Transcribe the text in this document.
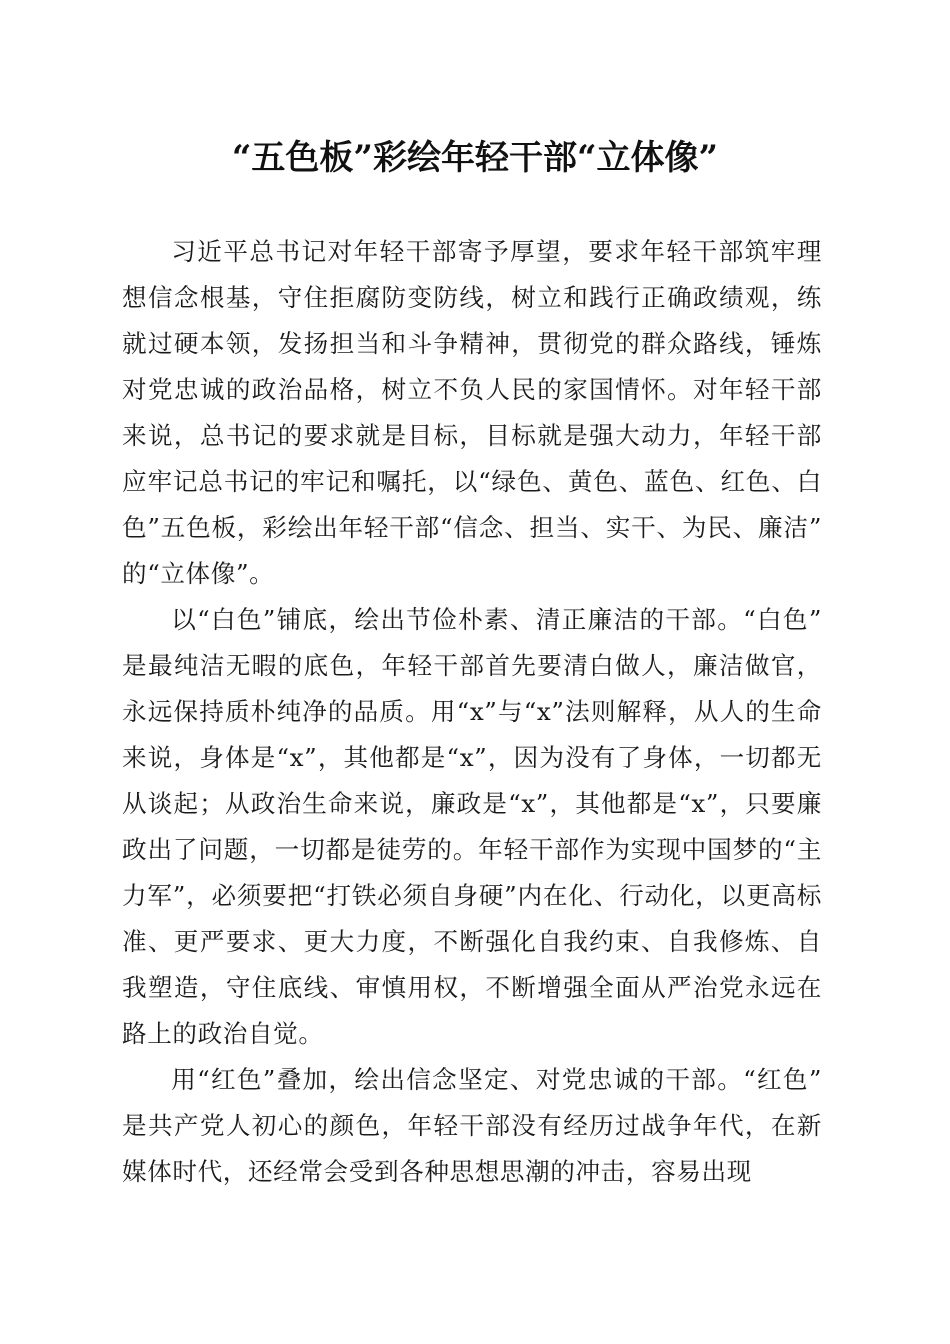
“五色板”彩绘年轻干部“立体像”

习近平总书记对年轻干部寄予厚望，要求年轻干部筑牢理想信念根基，守住拒腐防变防线，树立和践行正确政绩观，练就过硬本领，发扬担当和斗争精神，贯彻党的群众路线，锤炼对党忠诚的政治品格，树立不负人民的家国情怀。对年轻干部来说，总书记的要求就是目标，目标就是强大动力，年轻干部应牢记总书记的牢记和嘱托，以“绿色、黄色、蓝色、红色、白色”五色板，彩绘出年轻干部“信念、担当、实干、为民、廉洁”的“立体像”。

以“白色”铺底，绘出节俭朴素、清正廉洁的干部。“白色”是最纯洁无暇的底色，年轻干部首先要清白做人，廉洁做官，永远保持质朴纯净的品质。用“x”与“x”法则解释，从人的生命来说，身体是“x”，其他都是“x”，因为没有了身体，一切都无从谈起；从政治生命来说，廉政是“x”，其他都是“x”，只要廉政出了问题，一切都是徒劳的。年轻干部作为实现中国梦的“主力军”，必须要把“打铁必须自身硬”内在化、行动化，以更高标准、更严要求、更大力度，不断强化自我约束、自我修炼、自我塑造，守住底线、审慎用权，不断增强全面从严治党永远在路上的政治自觉。

用“红色”叠加，绘出信念坚定、对党忠诚的干部。“红色”是共产党人初心的颜色，年轻干部没有经历过战争年代，在新媒体时代，还经常会受到各种思想思潮的冲击，容易出现
